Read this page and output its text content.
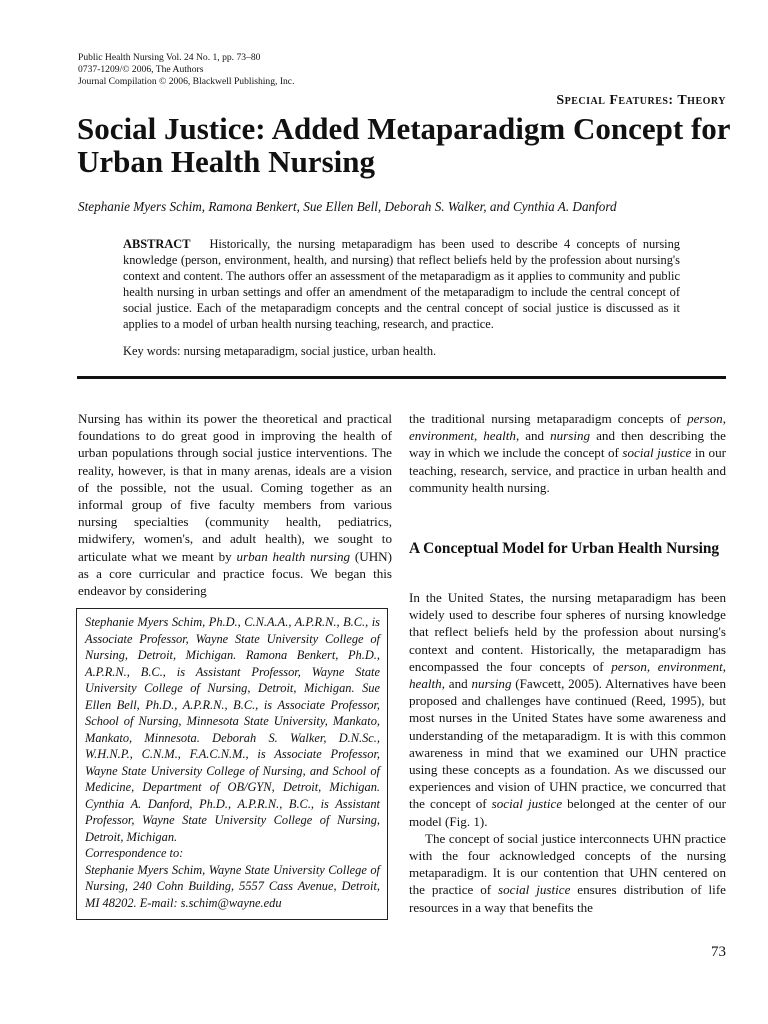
Public Health Nursing Vol. 24 No. 1, pp. 73–80
0737-1209/© 2006, The Authors
Journal Compilation © 2006, Blackwell Publishing, Inc.
Special Features: Theory
Social Justice: Added Metaparadigm Concept for Urban Health Nursing
Stephanie Myers Schim, Ramona Benkert, Sue Ellen Bell, Deborah S. Walker, and Cynthia A. Danford
ABSTRACT Historically, the nursing metaparadigm has been used to describe 4 concepts of nursing knowledge (person, environment, health, and nursing) that reflect beliefs held by the profession about nursing's context and content. The authors offer an assessment of the metaparadigm as it applies to community and public health nursing in urban settings and offer an amendment of the metaparadigm to include the central concept of social justice. Each of the metaparadigm concepts and the central concept of social justice is discussed as it applies to a model of urban health nursing teaching, research, and practice.
Key words: nursing metaparadigm, social justice, urban health.

Nursing has within its power the theoretical and practical foundations to do great good in improving the health of urban populations through social justice interventions. The reality, however, is that in many arenas, ideals are a vision of the possible, not the usual. Coming together as an informal group of five faculty members from various nursing specialties (community health, pediatrics, midwifery, women's, and adult health), we sought to articulate what we meant by urban health nursing (UHN) as a core curricular and practice focus. We began this endeavor by considering

Stephanie Myers Schim, Ph.D., C.N.A.A., A.P.R.N., B.C., is Associate Professor, Wayne State University College of Nursing, Detroit, Michigan. Ramona Benkert, Ph.D., A.P.R.N., B.C., is Assistant Professor, Wayne State University College of Nursing, Detroit, Michigan. Sue Ellen Bell, Ph.D., A.P.R.N., B.C., is Associate Professor, School of Nursing, Minnesota State University, Mankato, Mankato, Minnesota. Deborah S. Walker, D.N.Sc., W.H.N.P., C.N.M., F.A.C.N.M., is Associate Professor, Wayne State University College of Nursing, and School of Medicine, Department of OB/GYN, Detroit, Michigan. Cynthia A. Danford, Ph.D., A.P.R.N., B.C., is Assistant Professor, Wayne State University College of Nursing, Detroit, Michigan.

Correspondence to:

Stephanie Myers Schim, Wayne State University College of Nursing, 240 Cohn Building, 5557 Cass Avenue, Detroit, MI 48202. E-mail: s.schim@wayne.edu

the traditional nursing metaparadigm concepts of person, environment, health, and nursing and then describing the way in which we include the concept of social justice in our teaching, research, service, and practice in urban health and community health nursing.

A Conceptual Model for Urban Health Nursing

In the United States, the nursing metaparadigm has been widely used to describe four spheres of nursing knowledge that reflect beliefs held by the profession about nursing's context and content. Historically, the metaparadigm has encompassed the four concepts of person, environment, health, and nursing (Fawcett, 2005). Alternatives have been proposed and challenges have continued (Reed, 1995), but most nurses in the United States have some awareness and understanding of the metaparadigm. It is with this common awareness in mind that we examined our UHN practice using these concepts as a foundation. As we discussed our experiences and vision of UHN practice, we concurred that the concept of social justice belonged at the center of our model (Fig. 1).

The concept of social justice interconnects UHN practice with the four acknowledged concepts of the nursing metaparadigm. It is our contention that UHN centered on the practice of social justice ensures distribution of life resources in a way that benefits the

73
